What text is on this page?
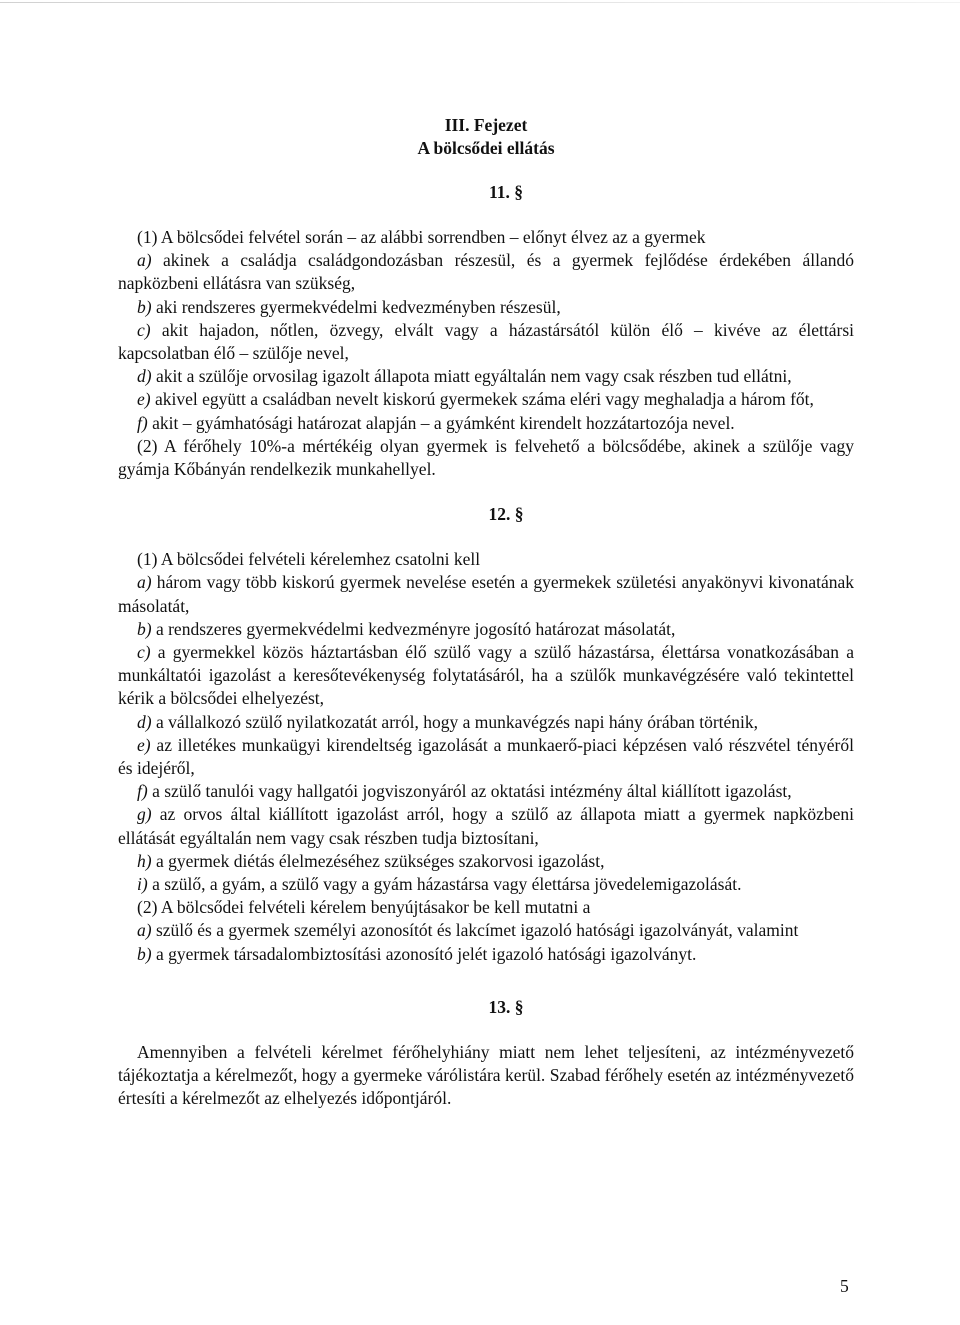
III. Fejezet

A bölcsődei ellátás

11. §

(1) A bölcsődei felvétel során – az alábbi sorrendben – előnyt élvez az a gyermek

a) akinek a családja családgondozásban részesül, és a gyermek fejlődése érdekében állandó napközbeni ellátásra van szükség,

b) aki rendszeres gyermekvédelmi kedvezményben részesül,

c) akit hajadon, nőtlen, özvegy, elvált vagy a házastársától külön élő – kivéve az élettársi kapcsolatban élő – szülője nevel,

d) akit a szülője orvosilag igazolt állapota miatt egyáltalán nem vagy csak részben tud ellátni,

e) akivel együtt a családban nevelt kiskorú gyermekek száma eléri vagy meghaladja a három főt,

f) akit – gyámhatósági határozat alapján – a gyámként kirendelt hozzátartozója nevel.

(2) A férőhely 10%-a mértékéig olyan gyermek is felvehető a bölcsődébe, akinek a szülője vagy gyámja Kőbányán rendelkezik munkahellyel.

12. §

(1) A bölcsődei felvételi kérelemhez csatolni kell

a) három vagy több kiskorú gyermek nevelése esetén a gyermekek születési anyakönyvi kivonatának másolatát,

b) a rendszeres gyermekvédelmi kedvezményre jogosító határozat másolatát,

c) a gyermekkel közös háztartásban élő szülő vagy a szülő házastársa, élettársa vonatkozásában a munkáltatói igazolást a keresőtevékenység folytatásáról, ha a szülők munkavégzésére való tekintettel kérik a bölcsődei elhelyezést,

d) a vállalkozó szülő nyilatkozatát arról, hogy a munkavégzés napi hány órában történik,

e) az illetékes munkaügyi kirendeltség igazolását a munkaerő-piaci képzésen való részvétel tényéről és idejéről,

f) a szülő tanulói vagy hallgatói jogviszonyáról az oktatási intézmény által kiállított igazolást,

g) az orvos által kiállított igazolást arról, hogy a szülő az állapota miatt a gyermek napközbeni ellátását egyáltalán nem vagy csak részben tudja biztosítani,

h) a gyermek diétás élelmezéséhez szükséges szakorvosi igazolást,

i) a szülő, a gyám, a szülő vagy a gyám házastársa vagy élettársa jövedelemigazolását.

(2) A bölcsődei felvételi kérelem benyújtásakor be kell mutatni a

a) szülő és a gyermek személyi azonosítót és lakcímet igazoló hatósági igazolványát, valamint

b) a gyermek társadalombiztosítási azonosító jelét igazoló hatósági igazolványt.

13. §

Amennyiben a felvételi kérelmet férőhelyhiány miatt nem lehet teljesíteni, az intézményvezető tájékoztatja a kérelmezőt, hogy a gyermeke várólistára kerül. Szabad férőhely esetén az intézményvezető értesíti a kérelmezőt az elhelyezés időpontjáról.

5
